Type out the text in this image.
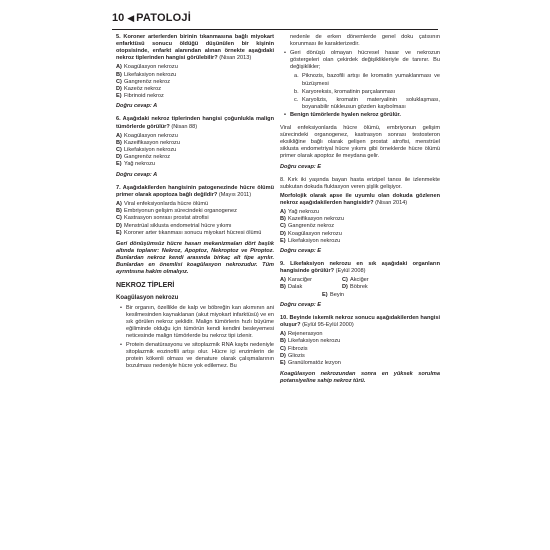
10 ◀ PATOLOJİ
5. Koroner arterlerden birinin tıkanmasına bağlı miyokart enfarktüsü sonucu öldüğü düşünülen bir kişinin otopsisinde, enfarkt alanından alınan örnekte aşağıdaki nekroz tiplerinden hangisi görülebilir? (Nisan 2013)
A) Koagülasyon nekrozu
B) Likefaksiyon nekrozu
C) Gangrenöz nekroz
D) Kazeöz nekroz
E) Fibrinoid nekroz
Doğru cevap: A
6. Aşağıdaki nekroz tiplerinden hangisi çoğunlukla malign tümörlerde görülür? (Nisan 88)
A) Koagülasyon nekrozu
B) Kazeifikasyon nekrozu
C) Likefaksiyon nekrozu
D) Gangrenöz nekroz
E) Yağ nekrozu
Doğru cevap: A
7. Aşağıdakilerden hangisinin patogenezinde hücre ölümü primer olarak apoptoza bağlı değildir? (Mayıs 2011)
A) Viral enfeksiyonlarda hücre ölümü
B) Embriyonun gelişim sürecindeki organogenez
C) Kastrasyon sonrası prostat atrofisi
D) Menstrüal siklusta endometrial hücre yıkımı
E) Koroner arter tıkanması sonucu miyokart hücresi ölümü
Geri dönüşümsüz hücre hasarı mekanizmaları dört başlık altında toplanır: Nekroz, Apoptoz, Nekroptoz ve Piroptoz. Bunlardan nekroz kendi arasında birkaç alt tipe ayrılır. Bunlardan en önemlisi koagülasyon nekrozudur. Tüm ayrıntısına hakim olmalıyız.
NEKROZ TİPLERİ
Koagülasyon nekrozu
• Bir organın, özellikle de kalp ve böbreğin kan akımının ani kesilmesinden kaynaklanan (akut miyokart infarktüsü) ve en sık görülen nekroz şeklidir. Malign tümörlerin hızlı büyüme eğiliminde olduğu için tümörün kendi kendini besleyemesi neticesinde malign tümörlerde bu nekroz tipi izlenir.
• Protein denatürasyonu ve sitoplazmik RNA kaybı nedeniyle sitoplazmik eozinofili artışı olur. Hücre içi enzimlerin de protein kökenli olması ve denature olarak çalışmalarının bozulması nedeniyle hücre yok edilemez. Bu
nedenle de erken dönemlerde genel doku çatısının korunması ile karakterizedir.
• Geri dönüşü olmayan hücresel hasar ve nekrozun göstergeleri olan çekirdek değişiklikleriyle de tanınır. Bu değişiklikler;
a. Piknozis, bazofili artışı ile kromatin yumaklanması ve büzüşmesi
b. Karyoreksis, kromatinin parçalanması
c. Karyolizis, kromatin materyalinin soluklaşması, boyanabilir nükleusun gözden kaybolması
• Benign tümörlerde hyalen nekroz görülür.
Viral enfeksiyonlarda hücre ölümü, embriyonun gelişim sürecindeki organogenez, kastrasyon sonrası testosteron eksikliğine bağlı olarak gelişen prostat atrofisi, menstrüel siklusta endometriyal hücre yıkımı gibi örneklerde hücre ölümü primer olarak apoptoz ile meydana gelir.
Doğru cevap: E
8. Kırk iki yaşında bayan hasta erizipel tanısı ile izlenmekte subkutan dokuda fluktasyon veren şişlik gelişiyor.
Morfolojik olarak apse ile uyumlu olan dokuda gözlenen nekroz aşağıdakilerden hangisidir? (Nisan 2014)
A) Yağ nekrozu
B) Kazeifikasyon nekrozu
C) Gangrenöz nekroz
D) Koagülasyon nekrozu
E) Likefaksiyon nekrozu
Doğru cevap: E
9. Likefaksiyon nekrozu en sık aşağıdaki organların hangisinde görülür? (Eylül 2008)
A) Karaciğer	C) Akciğer
B) Dalak	D) Böbrek
E) Beyin
Doğru cevap: E
10. Beyinde iskemik nekroz sonucu aşağıdakilerden hangisi oluşur? (Eylül 95-Eylül 2000)
A) Rejenerasyon
B) Likefaksiyon nekrozu
C) Fibrozis
D) Gliozis
E) Granülomatöz lezyon
Koagülasyon nekrozundan sonra en yüksek sorulma potansiyeline sahip nekroz türü.
